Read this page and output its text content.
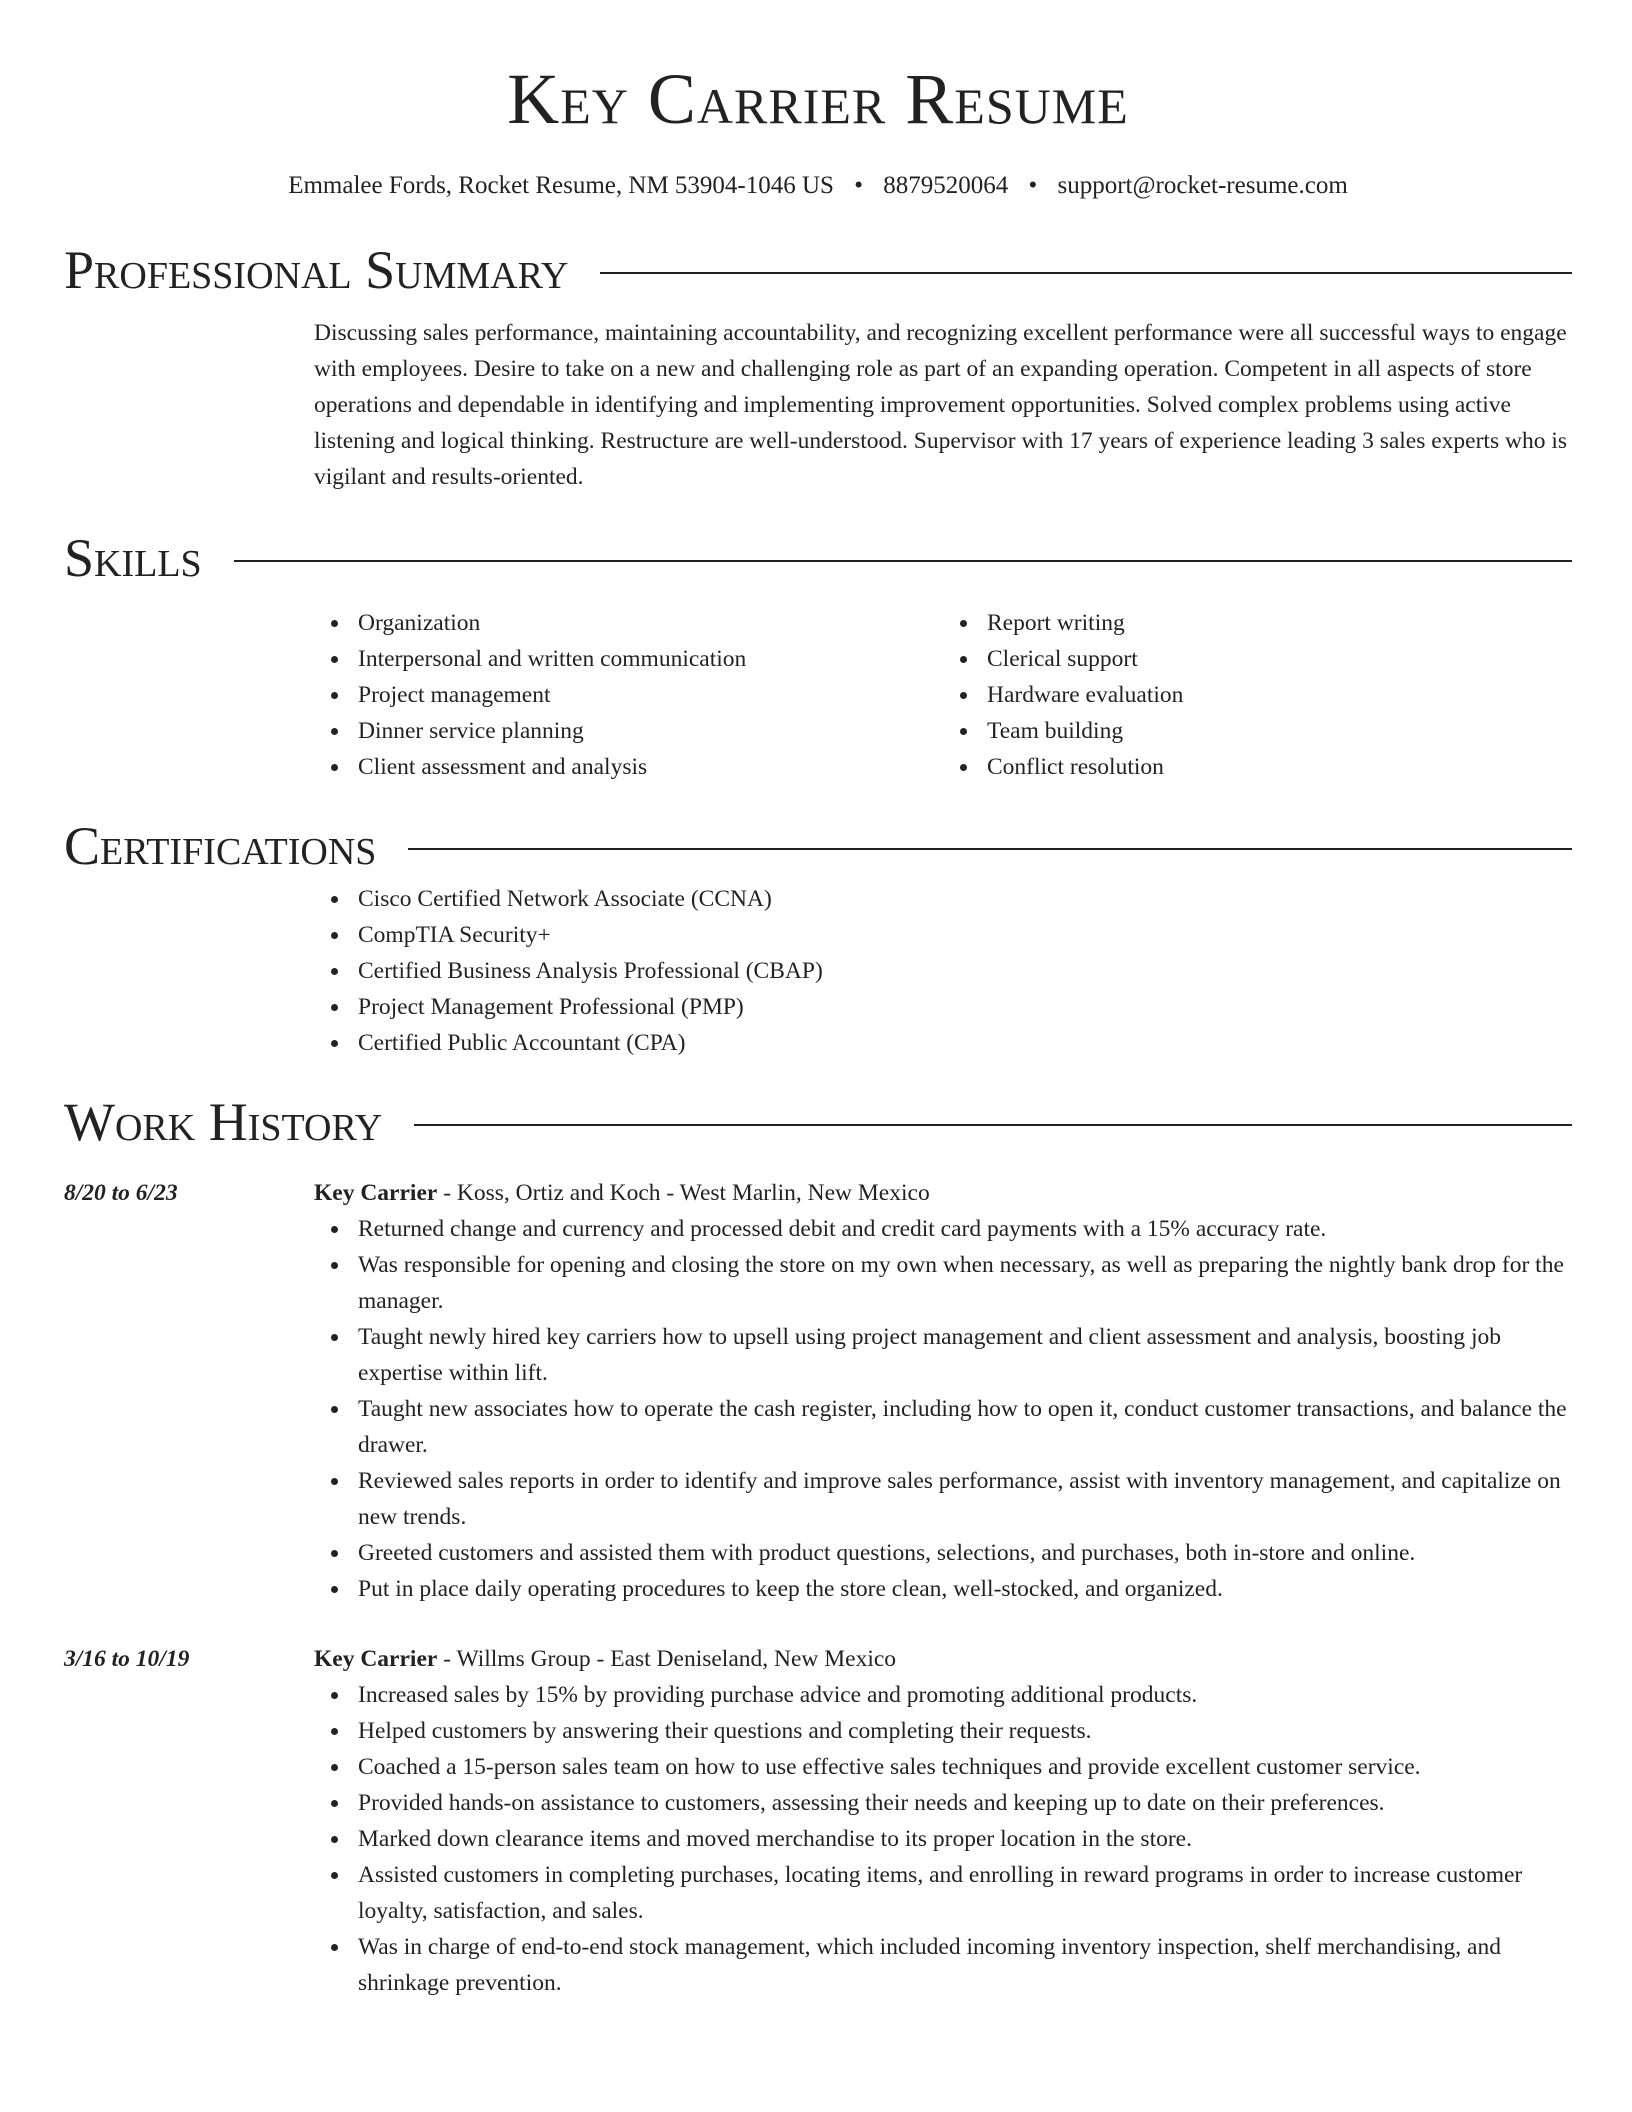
Key Carrier Resume
Emmalee Fords, Rocket Resume, NM 53904-1046 US • 8879520064 • support@rocket-resume.com
Professional Summary

Discussing sales performance, maintaining accountability, and recognizing excellent performance were all successful ways to engage with employees. Desire to take on a new and challenging role as part of an expanding operation. Competent in all aspects of store operations and dependable in identifying and implementing improvement opportunities. Solved complex problems using active listening and logical thinking. Restructure are well-understood. Supervisor with 17 years of experience leading 3 sales experts who is vigilant and results-oriented.

Skills
Organization
Interpersonal and written communication
Project management
Dinner service planning
Client assessment and analysis
Report writing
Clerical support
Hardware evaluation
Team building
Conflict resolution
Certifications
Cisco Certified Network Associate (CCNA)
CompTIA Security+
Certified Business Analysis Professional (CBAP)
Project Management Professional (PMP)
Certified Public Accountant (CPA)
Work History
8/20 to 6/23	Key Carrier - Koss, Ortiz and Koch - West Marlin, New Mexico
Returned change and currency and processed debit and credit card payments with a 15% accuracy rate.
Was responsible for opening and closing the store on my own when necessary, as well as preparing the nightly bank drop for the manager.
Taught newly hired key carriers how to upsell using project management and client assessment and analysis, boosting job expertise within lift.
Taught new associates how to operate the cash register, including how to open it, conduct customer transactions, and balance the drawer.
Reviewed sales reports in order to identify and improve sales performance, assist with inventory management, and capitalize on new trends.
Greeted customers and assisted them with product questions, selections, and purchases, both in-store and online.
Put in place daily operating procedures to keep the store clean, well-stocked, and organized.
3/16 to 10/19	Key Carrier - Willms Group - East Deniseland, New Mexico
Increased sales by 15% by providing purchase advice and promoting additional products.
Helped customers by answering their questions and completing their requests.
Coached a 15-person sales team on how to use effective sales techniques and provide excellent customer service.
Provided hands-on assistance to customers, assessing their needs and keeping up to date on their preferences.
Marked down clearance items and moved merchandise to its proper location in the store.
Assisted customers in completing purchases, locating items, and enrolling in reward programs in order to increase customer loyalty, satisfaction, and sales.
Was in charge of end-to-end stock management, which included incoming inventory inspection, shelf merchandising, and shrinkage prevention.
